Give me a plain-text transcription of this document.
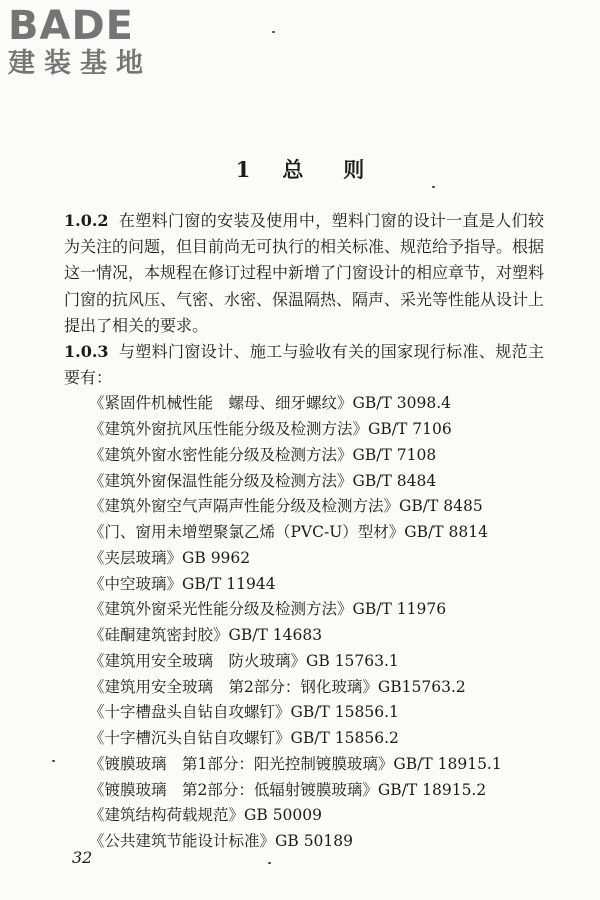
BADE
建装基地
1 总则

1.0.2 在塑料门窗的安装及使用中，塑料门窗的设计一直是人们较为关注的问题，但目前尚无可执行的相关标准、规范给予指导。根据这一情况，本规程在修订过程中新增了门窗设计的相应章节，对塑料门窗的抗风压、气密、水密、保温隔热、隔声、采光等性能从设计上提出了相关的要求。

1.0.3 与塑料门窗设计、施工与验收有关的国家现行标准、规范主要有：

《紧固件机械性能　螺母、细牙螺纹》GB/T 3098.4
《建筑外窗抗风压性能分级及检测方法》GB/T 7106
《建筑外窗水密性能分级及检测方法》GB/T 7108
《建筑外窗保温性能分级及检测方法》GB/T 8484
《建筑外窗空气声隔声性能分级及检测方法》GB/T 8485
《门、窗用未增塑聚氯乙烯（PVC-U）型材》GB/T 8814
《夹层玻璃》GB 9962
《中空玻璃》GB/T 11944
《建筑外窗采光性能分级及检测方法》GB/T 11976
《硅酮建筑密封胶》GB/T 14683
《建筑用安全玻璃　防火玻璃》GB 15763.1
《建筑用安全玻璃　第2部分：钢化玻璃》GB15763.2
《十字槽盘头自钻自攻螺钉》GB/T 15856.1
《十字槽沉头自钻自攻螺钉》GB/T 15856.2
《镀膜玻璃　第1部分：阳光控制镀膜玻璃》GB/T 18915.1
《镀膜玻璃　第2部分：低辐射镀膜玻璃》GB/T 18915.2
《建筑结构荷载规范》GB 50009
《公共建筑节能设计标准》GB 50189
32
